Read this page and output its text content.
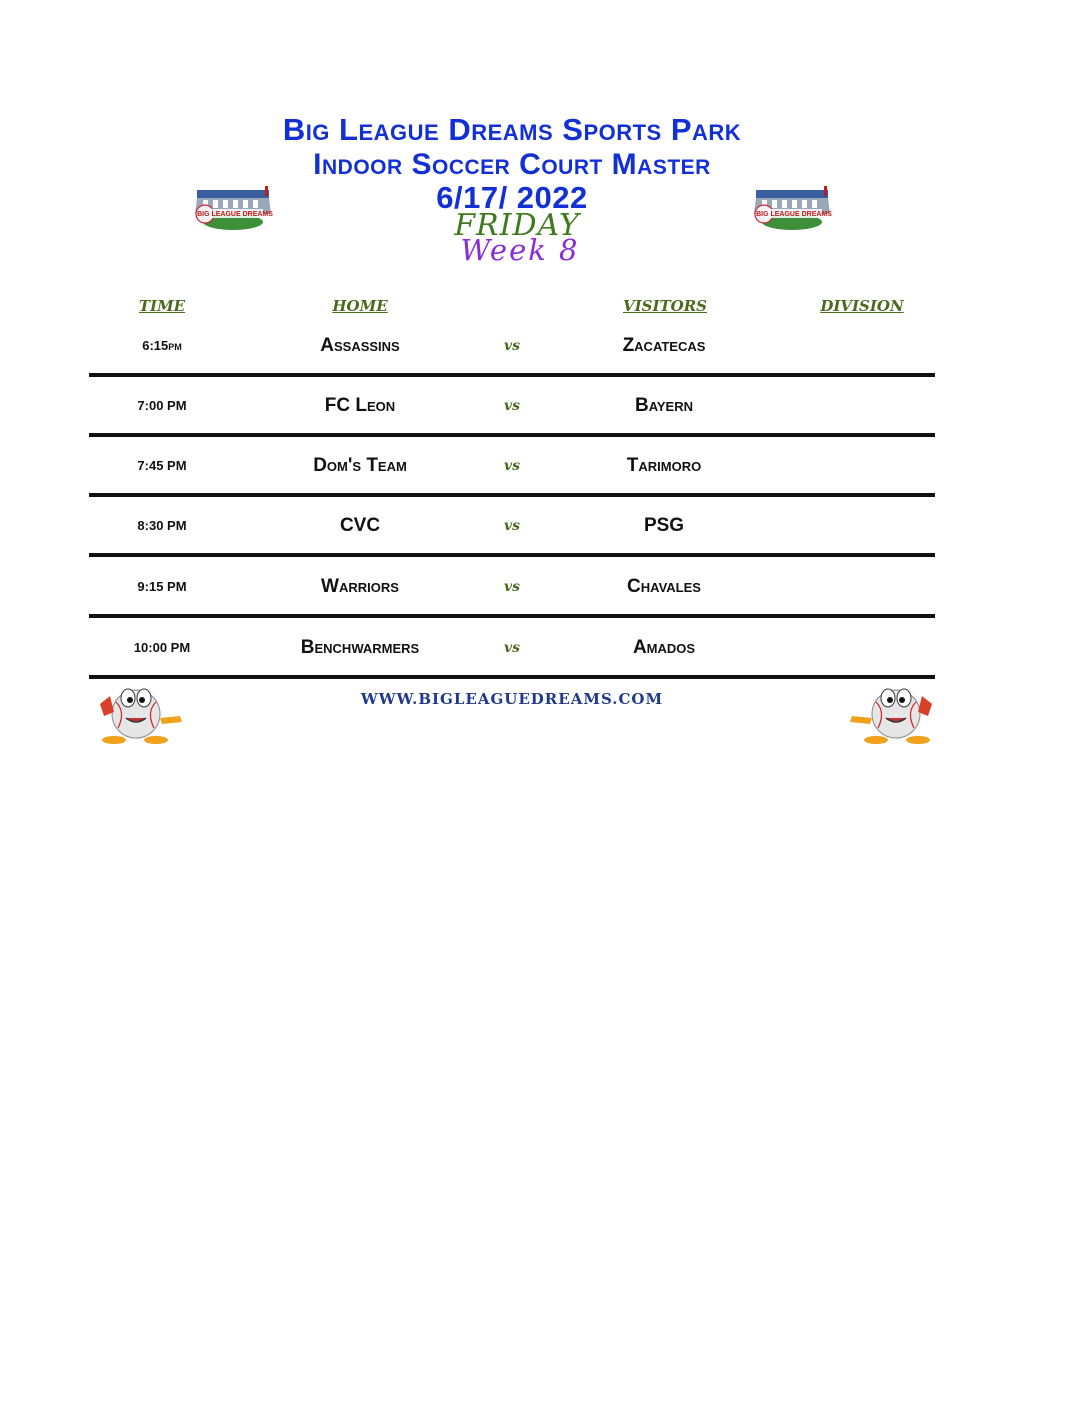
Big League Dreams Sports Park
Indoor Soccer Court Master
6/17/ 2022
FRIDAY
Week 8
BIG LEAGUE DREAMS	BIG LEAGUE DREAMS
TIME	HOME	VISITORS	DIVISION
6:15pm	Assassins	vs	Zacatecas
7:00 PM	FC Leon	vs	Bayern
7:45 PM	Dom's Team	vs	Tarimoro
8:30 PM	CVC	vs	PSG
9:15 PM	Warriors	vs	Chavales
10:00 PM	Benchwarmers	vs	Amados
WWW.BIGLEAGUEDREAMS.COM
